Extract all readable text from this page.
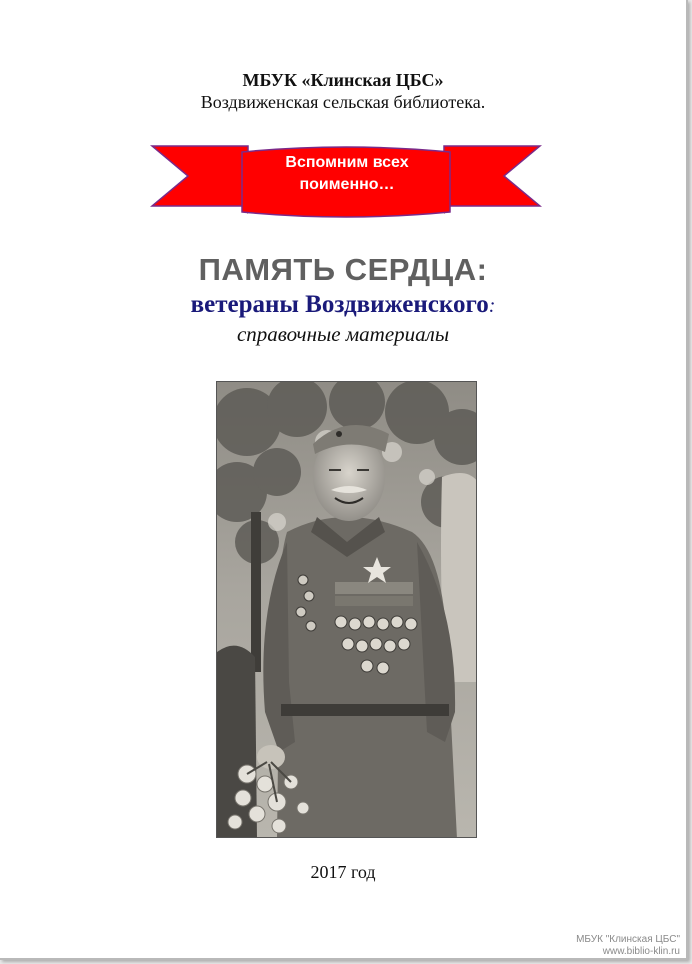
МБУК «Клинская ЦБС»
Воздвиженская сельская библиотека.
Вспомним всех
поименно…
ПАМЯТЬ СЕРДЦА:
ветераны Воздвиженского:
справочные материалы
2017 год
МБУК "Клинская ЦБС"
www.biblio-klin.ru
